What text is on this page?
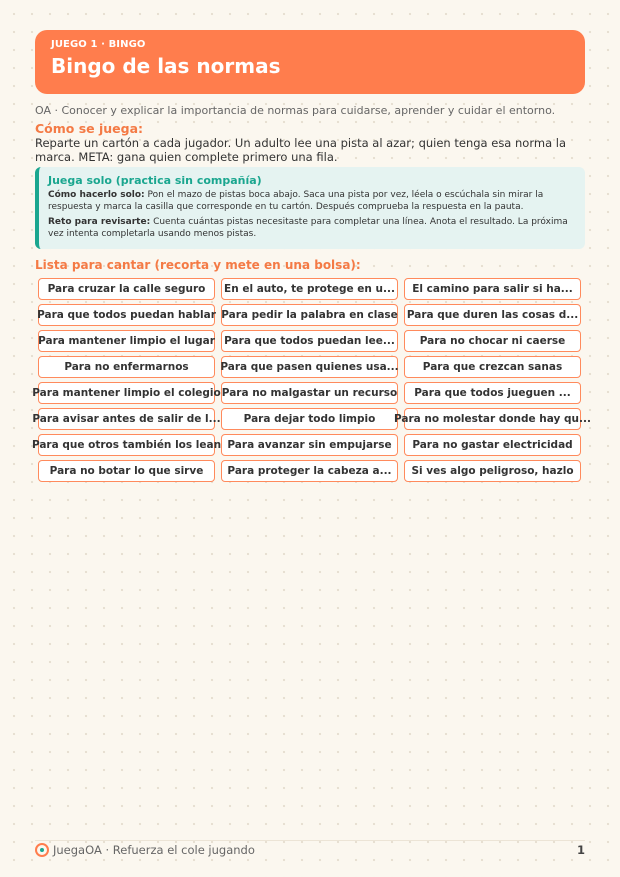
JUEGO 1 · BINGO
Bingo de las normas
OA · Conocer y explicar la importancia de normas para cuidarse, aprender y cuidar el entorno.
Cómo se juega:
Reparte un cartón a cada jugador. Un adulto lee una pista al azar; quien tenga esa norma la marca. META: gana quien complete primero una fila.
Juega solo (practica sin compañía)

Cómo hacerlo solo: Pon el mazo de pistas boca abajo. Saca una pista por vez, léela o escúchala sin mirar la respuesta y marca la casilla que corresponde en tu cartón. Después comprueba la respuesta en la pauta.

Reto para revisarte: Cuenta cuántas pistas necesitaste para completar una línea. Anota el resultado. La próxima vez intenta completarla usando menos pistas.

Lista para cantar (recorta y mete en una bolsa):
Para cruzar la calle seguro En el auto, te protege en u... El camino para salir si ha...
Para que todos puedan hablar Para pedir la palabra en clase Para que duren las cosas d...
Para mantener limpio el lugar Para que todos puedan lee... Para no chocar ni caerse
Para no enfermarnos	Para que pasen quienes usa... Para que crezcan sanas
Para mantener limpio el colegio Para no malgastar un recurso Para que todos jueguen ...
Para avisar antes de salir de l... Para dejar todo limpio Para no molestar donde hay qu...
Para que otros también los lean Para avanzar sin empujarse Para no gastar electricidad
Para no botar lo que sirve Para proteger la cabeza a... Si ves algo peligroso, hazlo
JuegaOA · Refuerza el cole jugando	1
